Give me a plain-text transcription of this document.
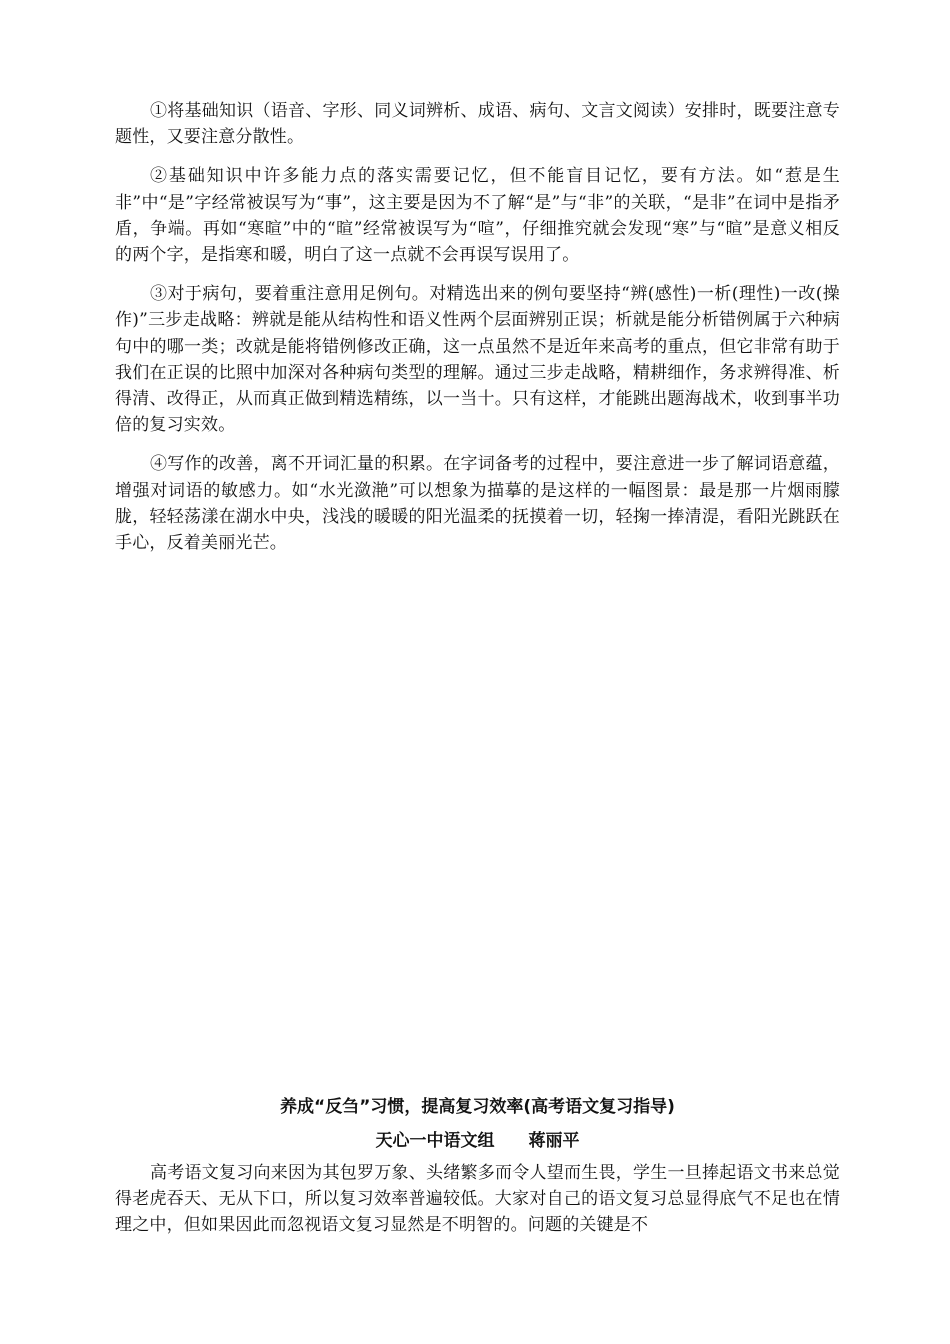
①将基础知识（语音、字形、同义词辨析、成语、病句、文言文阅读）安排时，既要注意专题性，又要注意分散性。

②基础知识中许多能力点的落实需要记忆，但不能盲目记忆，要有方法。如“惹是生非”中“是”字经常被误写为“事”，这主要是因为不了解“是”与“非”的关联，“是非”在词中是指矛盾，争端。再如“寒暄”中的“暄”经常被误写为“喧”，仔细推究就会发现“寒”与“暄”是意义相反的两个字，是指寒和暖，明白了这一点就不会再误写误用了。

③对于病句，要着重注意用足例句。对精选出来的例句要坚持“辨(感性)一析(理性)一改(操作)”三步走战略：辨就是能从结构性和语义性两个层面辨别正误；析就是能分析错例属于六种病句中的哪一类；改就是能将错例修改正确，这一点虽然不是近年来高考的重点，但它非常有助于我们在正误的比照中加深对各种病句类型的理解。通过三步走战略，精耕细作，务求辨得准、析得清、改得正，从而真正做到精选精练，以一当十。只有这样，才能跳出题海战术，收到事半功倍的复习实效。

④写作的改善，离不开词汇量的积累。在字词备考的过程中，要注意进一步了解词语意蕴，增强对词语的敏感力。如“水光潋滟”可以想象为描摹的是这样的一幅图景：最是那一片烟雨朦胧，轻轻荡漾在湖水中央，浅浅的暖暖的阳光温柔的抚摸着一切，轻掬一捧清湜，看阳光跳跃在手心，反着美丽光芒。

养成“反刍”习惯，提高复习效率(高考语文复习指导)
天心一中语文组 蒋丽平

高考语文复习向来因为其包罗万象、头绪繁多而令人望而生畏，学生一旦捧起语文书来总觉得老虎吞天、无从下口，所以复习效率普遍较低。大家对自己的语文复习总显得底气不足也在情理之中，但如果因此而忽视语文复习显然是不明智的。问题的关键是不
